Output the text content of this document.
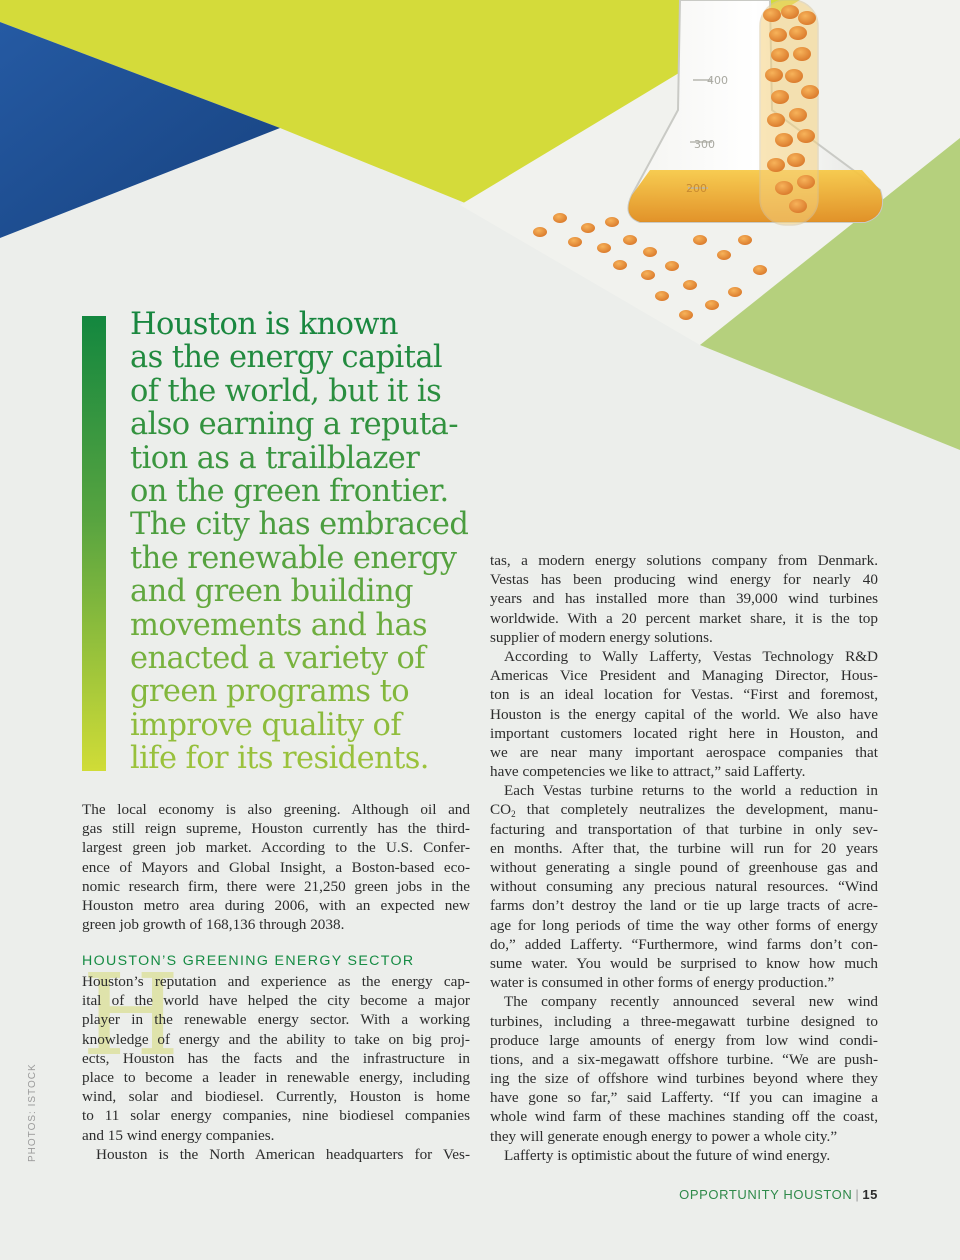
400
300
200
Houston is known
as the energy capital
of the world, but it is
also earning a reputa-
tion as a trailblazer
on the green frontier.
The city has embraced
the renewable energy
and green building
movements and has
enacted a variety of
green programs to
improve quality of
life for its residents.
The local economy is also greening. Although oil and
gas still reign supreme, Houston currently has the third-
largest green job market. According to the U.S. Confer-
ence of Mayors and Global Insight, a Boston-based eco-
nomic research firm, there were 21,250 green jobs in the
Houston metro area during 2006, with an expected new
green job growth of 168,136 through 2038.
HOUSTON’S GREENING ENERGY SECTOR
H
Houston’s reputation and experience as the energy cap-
ital of the world have helped the city become a major
player in the renewable energy sector. With a working
knowledge of energy and the ability to take on big proj-
ects, Houston has the facts and the infrastructure in
place to become a leader in renewable energy, including
wind, solar and biodiesel. Currently, Houston is home
to 11 solar energy companies, nine biodiesel companies
and 15 wind energy companies.
Houston is the North American headquarters for Ves-
tas, a modern energy solutions company from Denmark.
Vestas has been producing wind energy for nearly 40
years and has installed more than 39,000 wind turbines
worldwide. With a 20 percent market share, it is the top
supplier of modern energy solutions.
According to Wally Lafferty, Vestas Technology R&D
Americas Vice President and Managing Director, Hous-
ton is an ideal location for Vestas. “First and foremost,
Houston is the energy capital of the world. We also have
important customers located right here in Houston, and
we are near many important aerospace companies that
have competencies we like to attract,” said Lafferty.
Each Vestas turbine returns to the world a reduction in
$CO_2$ that completely neutralizes the development, manu-
facturing and transportation of that turbine in only sev-
en months. After that, the turbine will run for 20 years
without generating a single pound of greenhouse gas and
without consuming any precious natural resources. “Wind
farms don’t destroy the land or tie up large tracts of acre-
age for long periods of time the way other forms of energy
do,” added Lafferty. “Furthermore, wind farms don’t con-
sume water. You would be surprised to know how much
water is consumed in other forms of energy production.”
The company recently announced several new wind
turbines, including a three-megawatt turbine designed to
produce large amounts of energy from low wind condi-
tions, and a six-megawatt offshore turbine. “We are push-
ing the size of offshore wind turbines beyond where they
have gone so far,” said Lafferty. “If you can imagine a
whole wind farm of these machines standing off the coast,
they will generate enough energy to power a whole city.”
Lafferty is optimistic about the future of wind energy.
PHOTOS: ISTOCK
OPPORTUNITY HOUSTON | 15
